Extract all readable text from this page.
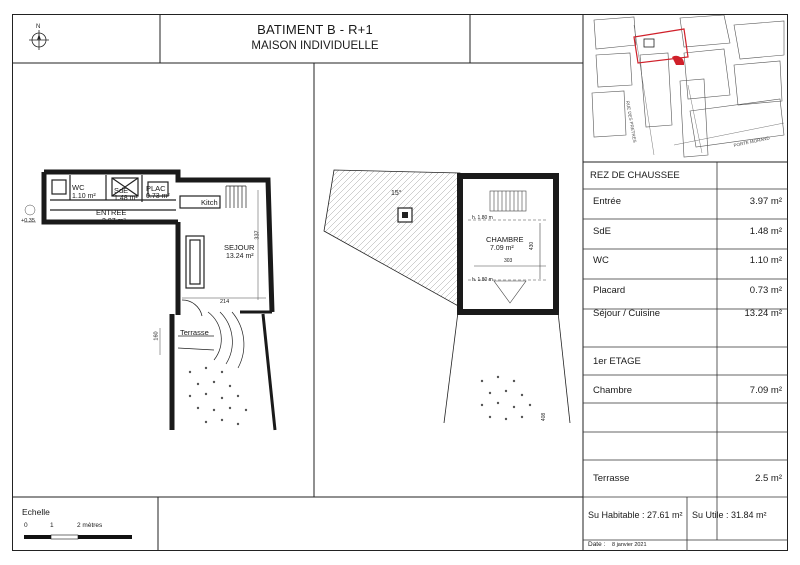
N	BATIMENT B - R+1
MAISON INDIVIDUELLE
WC
1.10 m²
SdE
1.48 m²
PLAC
0.73 m²
ENTREE
3.97 m²
SEJOUR
13.24 m²
Kitch
Terrasse
+0.35
214
160
337
15°
CHAMBRE
7.09 m²
h. 1.80 m
h. 1.80 m
303
430
408
RUE DES PRETRES	PORTE MORAND
REZ DE CHAUSSEE
Entrée	3.97 m²
SdE	1.48 m²
WC	1.10 m²
Placard	0.73 m²
Séjour / Cuisine	13.24 m²
1er ETAGE
Chambre	7.09 m²
Terrasse	2.5 m²
Su Habitable : 27.61 m² Su Utile : 31.84 m²
Date : 8 janvier 2021
Echelle
0	1	2 mètres
